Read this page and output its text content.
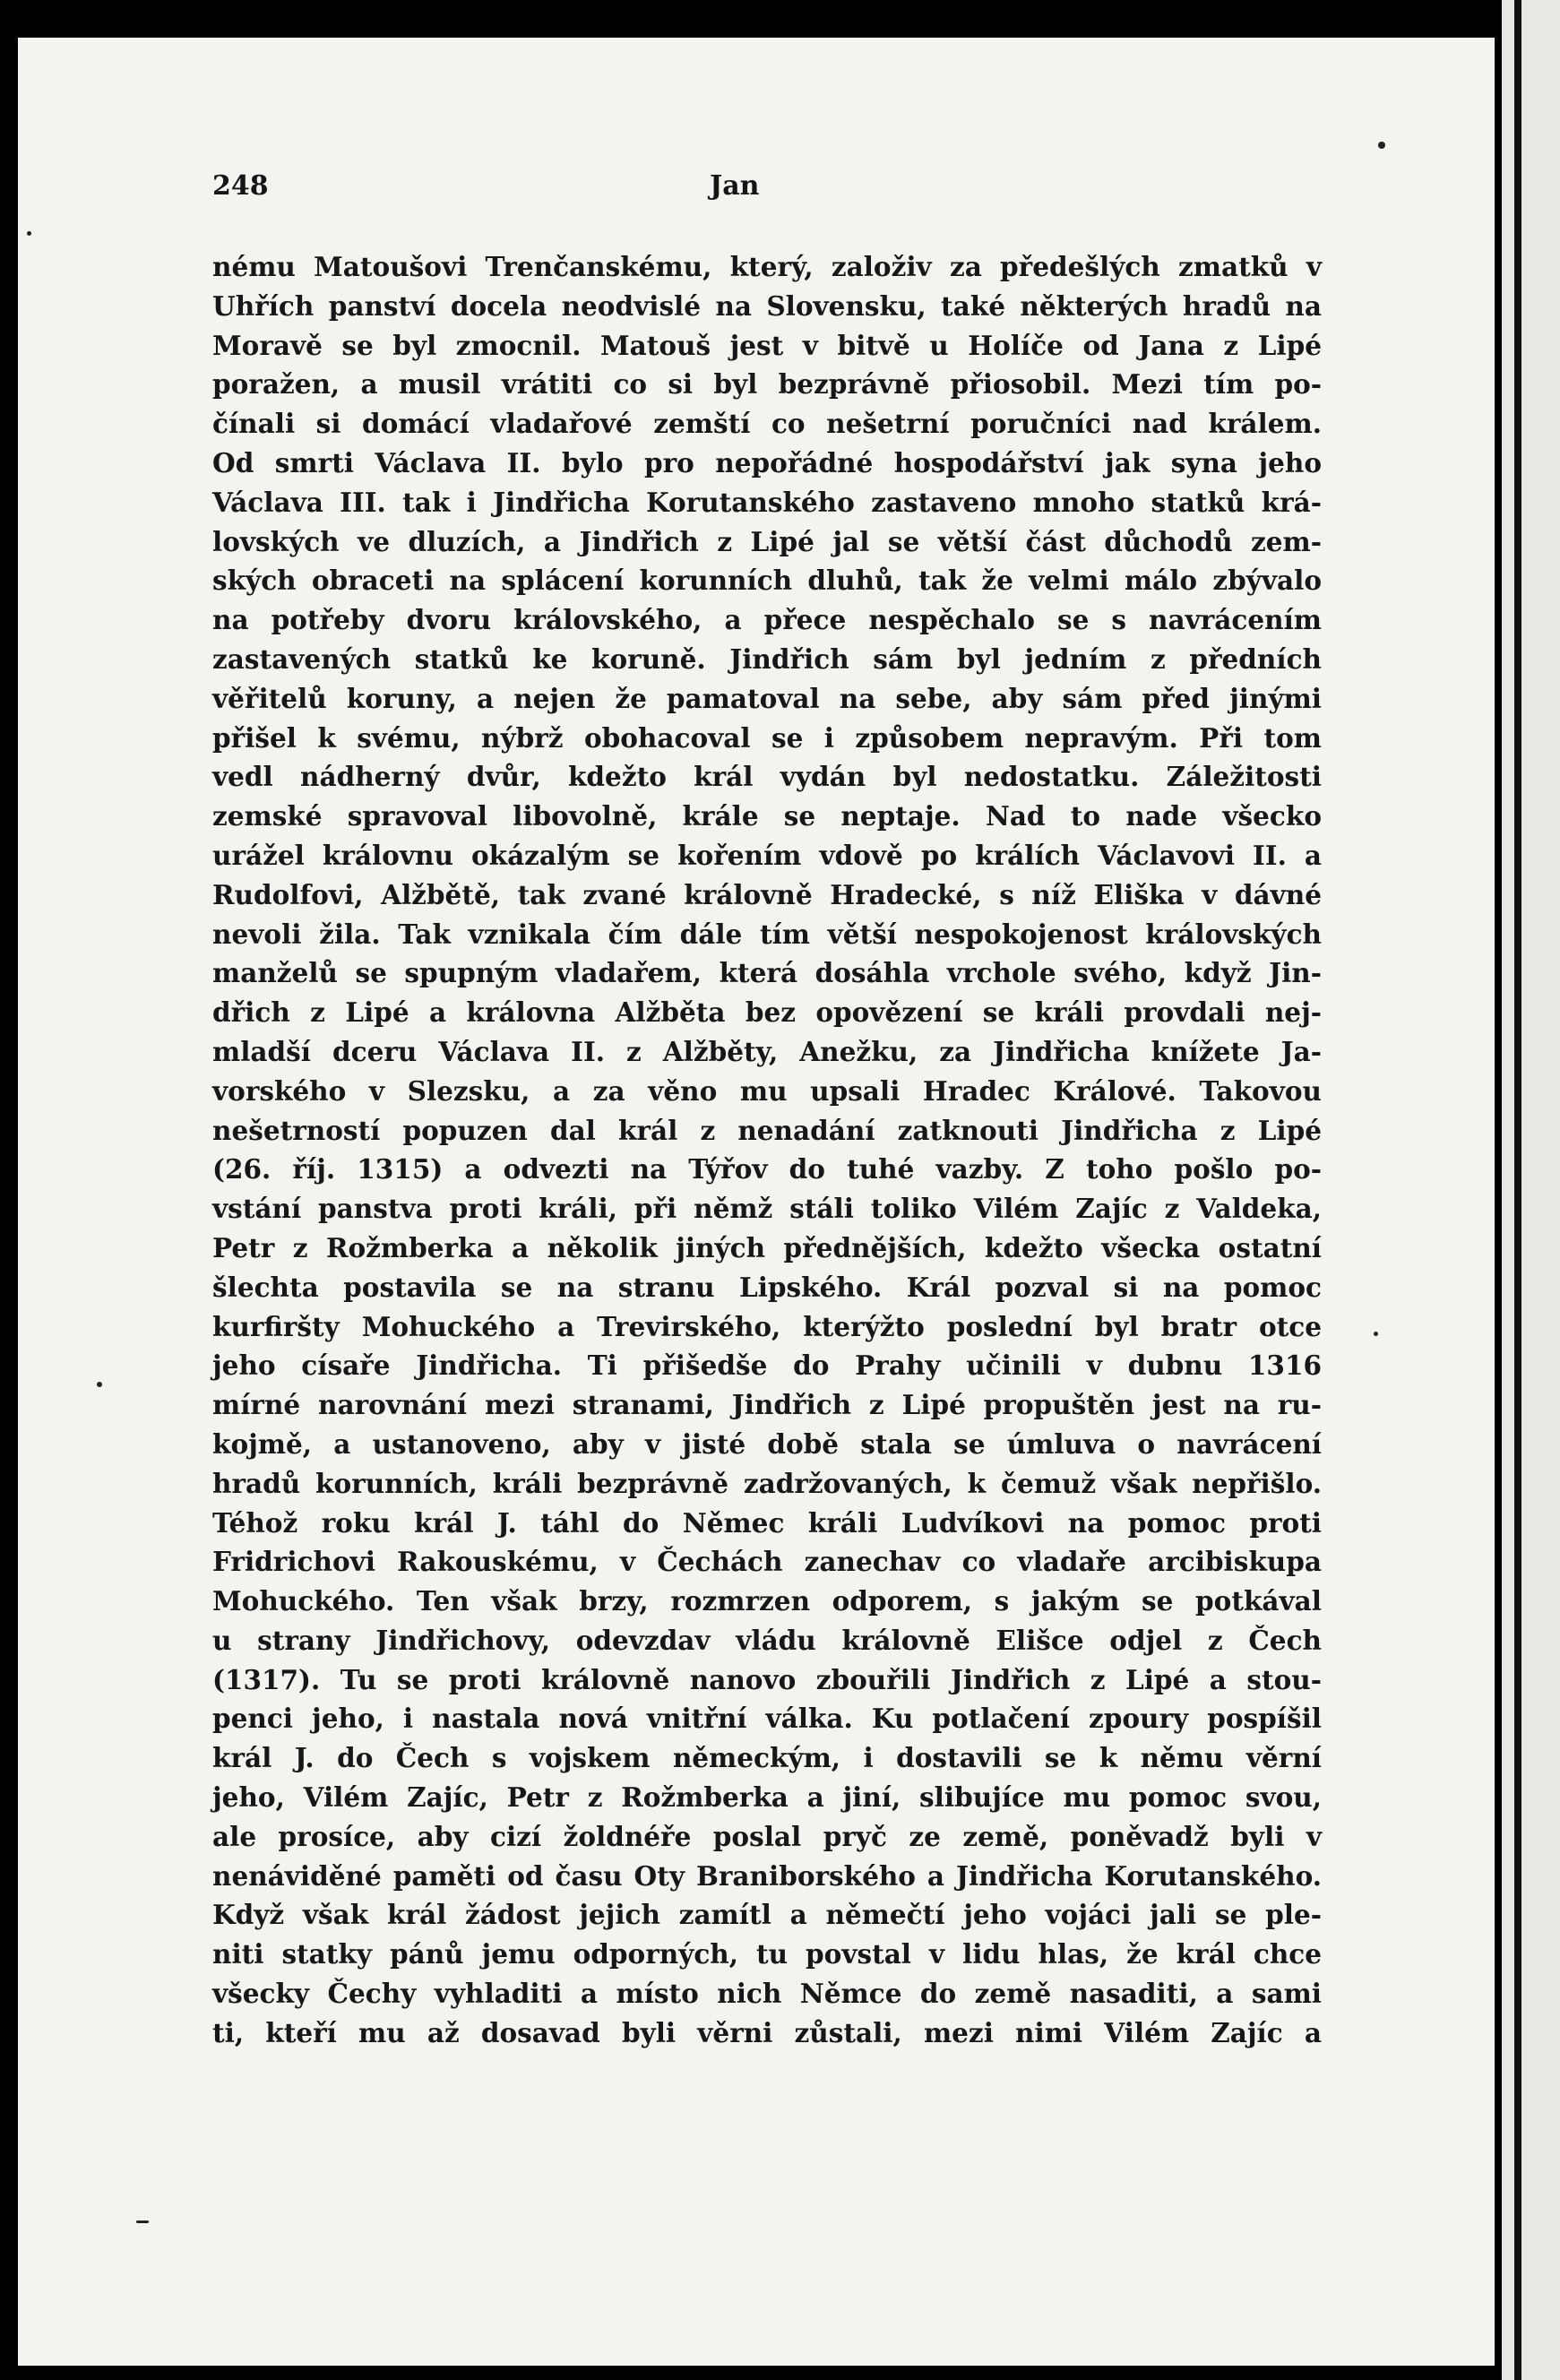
248	Jan
nému Matoušovi Trenčanskému, který, založiv za předešlých zmatků v
Uhřích panství docela neodvislé na Slovensku, také některých hradů na
Moravě se byl zmocnil. Matouš jest v bitvě u Holíče od Jana z Lipé
poražen, a musil vrátiti co si byl bezprávně přiosobil. Mezi tím po-
čínali si domácí vladařové zemští co nešetrní poručníci nad králem.
Od smrti Václava II. bylo pro nepořádné hospodářství jak syna jeho
Václava III. tak i Jindřicha Korutanského zastaveno mnoho statků krá-
lovských ve dluzích, a Jindřich z Lipé jal se větší část důchodů zem-
ských obraceti na splácení korunních dluhů, tak že velmi málo zbývalo
na potřeby dvoru královského, a přece nespěchalo se s navrácením
zastavených statků ke koruně. Jindřich sám byl jedním z předních
věřitelů koruny, a nejen že pamatoval na sebe, aby sám před jinými
přišel k svému, nýbrž obohacoval se i způsobem nepravým. Při tom
vedl nádherný dvůr, kdežto král vydán byl nedostatku. Záležitosti
zemské spravoval libovolně, krále se neptaje. Nad to nade všecko
urážel královnu okázalým se kořením vdově po králích Václavovi II. a
Rudolfovi, Alžbětě, tak zvané královně Hradecké, s níž Eliška v dávné
nevoli žila. Tak vznikala čím dále tím větší nespokojenost královských
manželů se spupným vladařem, která dosáhla vrchole svého, když Jin-
dřich z Lipé a královna Alžběta bez opovězení se králi provdali nej-
mladší dceru Václava II. z Alžběty, Anežku, za Jindřicha knížete Ja-
vorského v Slezsku, a za věno mu upsali Hradec Králové. Takovou
nešetrností popuzen dal král z nenadání zatknouti Jindřicha z Lipé
(26. říj. 1315) a odvezti na Týřov do tuhé vazby. Z toho pošlo po-
vstání panstva proti králi, při němž stáli toliko Vilém Zajíc z Valdeka,
Petr z Rožmberka a několik jiných přednějších, kdežto všecka ostatní
šlechta postavila se na stranu Lipského. Král pozval si na pomoc
kurfiršty Mohuckého a Trevirského, kterýžto poslední byl bratr otce
jeho císaře Jindřicha. Ti přišedše do Prahy učinili v dubnu 1316
mírné narovnání mezi stranami, Jindřich z Lipé propuštěn jest na ru-
kojmě, a ustanoveno, aby v jisté době stala se úmluva o navrácení
hradů korunních, králi bezprávně zadržovaných, k čemuž však nepřišlo.
Téhož roku král J. táhl do Němec králi Ludvíkovi na pomoc proti
Fridrichovi Rakouskému, v Čechách zanechav co vladaře arcibiskupa
Mohuckého. Ten však brzy, rozmrzen odporem, s jakým se potkával
u strany Jindřichovy, odevzdav vládu královně Elišce odjel z Čech
(1317). Tu se proti královně nanovo zbouřili Jindřich z Lipé a stou-
penci jeho, i nastala nová vnitřní válka. Ku potlačení zpoury pospíšil
král J. do Čech s vojskem německým, i dostavili se k němu věrní
jeho, Vilém Zajíc, Petr z Rožmberka a jiní, slibujíce mu pomoc svou,
ale prosíce, aby cizí žoldnéře poslal pryč ze země, poněvadž byli v
nenáviděné paměti od času Oty Braniborského a Jindřicha Korutanského.
Když však král žádost jejich zamítl a němečtí jeho vojáci jali se ple-
niti statky pánů jemu odporných, tu povstal v lidu hlas, že král chce
všecky Čechy vyhladiti a místo nich Němce do země nasaditi, a sami
ti, kteří mu až dosavad byli věrni zůstali, mezi nimi Vilém Zajíc a
